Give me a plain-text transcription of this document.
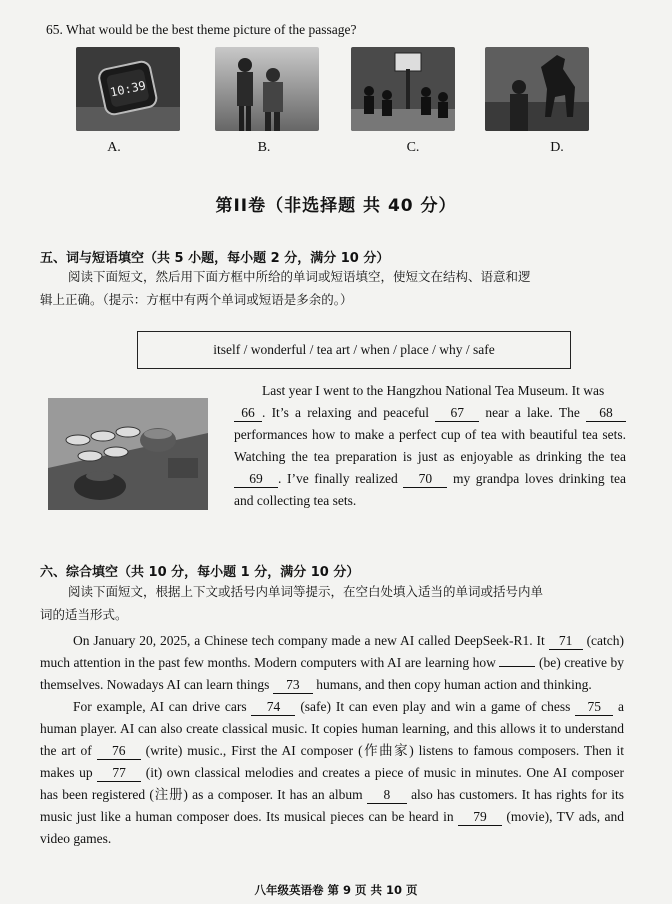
65. What would be the best theme picture of the passage?
10:39
A.	B.	C.	D.
第II卷（非选择题 共 40 分）
五、词与短语填空（共 5 小题，每小题 2 分，满分 10 分）
阅读下面短文，然后用下面方框中所给的单词或短语填空，使短文在结构、语意和逻
辑上正确。（提示：方框中有两个单词或短语是多余的。）
itself / wonderful / tea art / when / place / why / safe
Last year I went to the Hangzhou National Tea Museum. It was
66 . It’s a relaxing and peaceful 67 near a lake. The 68 performances how to make a perfect cup of tea with beautiful tea sets. Watching the tea preparation is just as enjoyable as drinking the tea 69 . I’ve finally realized 70 my grandpa loves drinking tea and collecting tea sets.
六、综合填空（共 10 分，每小题 1 分，满分 10 分）
阅读下面短文，根据上下文或括号内单词等提示，在空白处填入适当的单词或括号内单
词的适当形式。
On January 20, 2025, a Chinese tech company made a new AI called DeepSeek-R1. It 71 (catch) much attention in the past few months. Modern computers with AI are learning how	(be) creative by themselves. Nowadays AI can learn things 73 humans, and then copy human action and thinking.
For example, AI can drive cars 74 (safe) It can even play and win a game of chess 75 a human player. AI can also create classical music. It copies human learning, and this allows it to understand the art of 76 (write) music., First the AI composer (作曲家) listens to famous composers. Then it makes up 77 (it) own classical melodies and creates a piece of music in minutes. One AI composer has been registered (注册) as a composer. It has an album 8 also has customers. It has rights for its music just like a human composer does. Its musical pieces can be heard in 79 (movie), TV ads, and video games.
八年级英语卷 第 9 页 共 10 页
